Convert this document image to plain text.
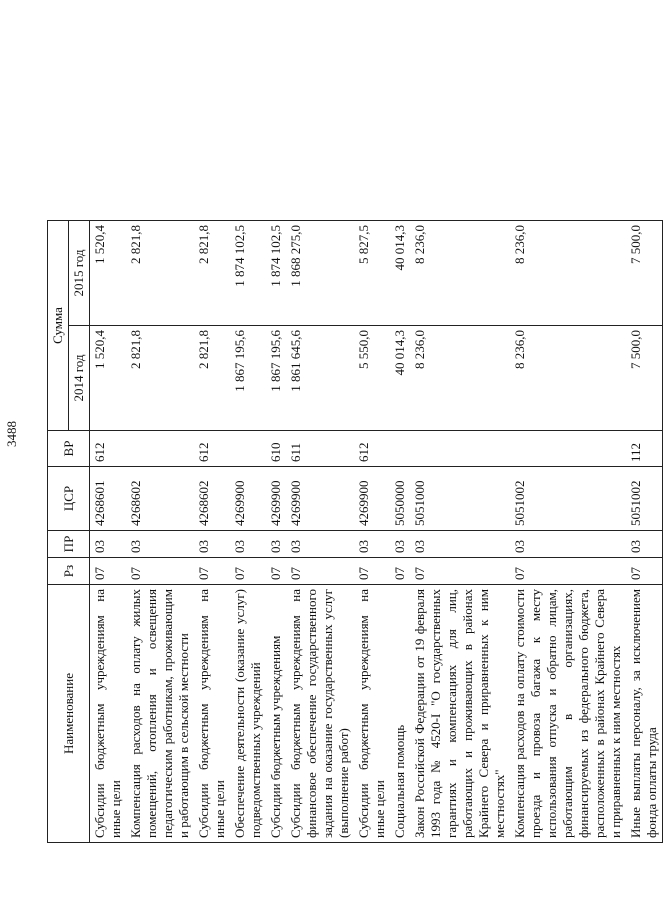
3488
Наименование	Рз	ПР	ЦСР	ВР	Сумма	
					2014 год	2015 год
Субсидии бюджетным учреждениям на иные цели	07	03	4268601	612	1 520,4	1 520,4
Компенсация расходов на оплату жилых помещений, отопления и освещения педагогическим работникам, проживающим и работающим в сельской местности	07	03	4268602		2 821,8	2 821,8
Субсидии бюджетным учреждениям на иные цели	07	03	4268602	612	2 821,8	2 821,8
Обеспечение деятельности (оказание услуг) подведомственных учреждений	07	03	4269900		1 867 195,6	1 874 102,5
Субсидии бюджетным учреждениям	07	03	4269900	610	1 867 195,6	1 874 102,5
Субсидии бюджетным учреждениям на финансовое обеспечение государственного задания на оказание государственных услуг (выполнение работ)	07	03	4269900	611	1 861 645,6	1 868 275,0
Субсидии бюджетным учреждениям на иные цели	07	03	4269900	612	5 550,0	5 827,5
Социальная помощь	07	03	5050000		40 014,3	40 014,3
Закон Российской Федерации от 19 февраля 1993 года № 4520-I "О государственных гарантиях и компенсациях для лиц, работающих и проживающих в районах Крайнего Севера и приравненных к ним местностях"	07	03	5051000		8 236,0	8 236,0
Компенсация расходов на оплату стоимости проезда и провоза багажа к месту использования отпуска и обратно лицам, работающим в организациях, финансируемых из федерального бюджета, расположенных в районах Крайнего Севера и приравненных к ним местностях	07	03	5051002		8 236,0	8 236,0
Иные выплаты персоналу, за исключением фонда оплаты труда	07	03	5051002	112	7 500,0	7 500,0
